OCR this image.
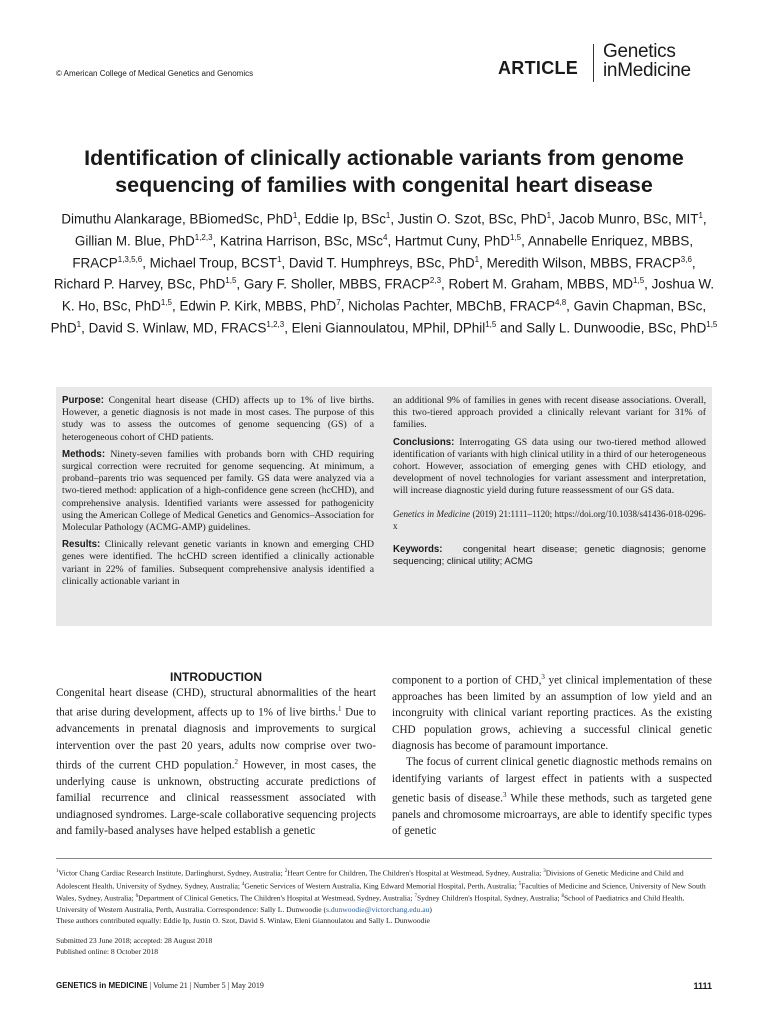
© American College of Medical Genetics and Genomics	ARTICLE
Genetics
inMedicine
Identification of clinically actionable variants from genome sequencing of families with congenital heart disease
Dimuthu Alankarage, BBiomedSc, PhD$^1$, Eddie Ip, BSc$^1$, Justin O. Szot, BSc, PhD$^1$, Jacob Munro, BSc, MIT$^1$, Gillian M. Blue, PhD$^{1,2,3}$, Katrina Harrison, BSc, MSc$^4$, Hartmut Cuny, PhD$^{1,5}$, Annabelle Enriquez, MBBS, FRACP$^{1,3,5,6}$, Michael Troup, BCST$^1$, David T. Humphreys, BSc, PhD$^1$, Meredith Wilson, MBBS, FRACP$^{3,6}$, Richard P. Harvey, BSc, PhD$^{1,5}$, Gary F. Sholler, MBBS, FRACP$^{2,3}$, Robert M. Graham, MBBS, MD$^{1,5}$, Joshua W. K. Ho, BSc, PhD$^{1,5}$, Edwin P. Kirk, MBBS, PhD$^7$, Nicholas Pachter, MBChB, FRACP$^{4,8}$, Gavin Chapman, BSc, PhD$^1$, David S. Winlaw, MD, FRACS$^{1,2,3}$, Eleni Giannoulatou, MPhil, DPhil$^{1,5}$ and Sally L. Dunwoodie, BSc, PhD$^{1,5}$

Purpose: Congenital heart disease (CHD) affects up to 1% of live births. However, a genetic diagnosis is not made in most cases. The purpose of this study was to assess the outcomes of genome sequencing (GS) of a heterogeneous cohort of CHD patients.

Methods: Ninety-seven families with probands born with CHD requiring surgical correction were recruited for genome sequencing. At minimum, a proband–parents trio was sequenced per family. GS data were analyzed via a two-tiered method: application of a high-confidence gene screen (hcCHD), and comprehensive analysis. Identified variants were assessed for pathogenicity using the American College of Medical Genetics and Genomics–Association for Molecular Pathology (ACMG-AMP) guidelines.

Results: Clinically relevant genetic variants in known and emerging CHD genes were identified. The hcCHD screen identified a clinically actionable variant in 22% of families. Subsequent comprehensive analysis identified a clinically actionable variant in

an additional 9% of families in genes with recent disease associations. Overall, this two-tiered approach provided a clinically relevant variant for 31% of families.

Conclusions: Interrogating GS data using our two-tiered method allowed identification of variants with high clinical utility in a third of our heterogeneous cohort. However, association of emerging genes with CHD etiology, and development of novel technologies for variant assessment and interpretation, will increase diagnostic yield during future reassessment of our GS data.

Genetics in Medicine (2019) 21:1111–1120; https://doi.org/10.1038/s41436-018-0296-x

Keywords: congenital heart disease; genetic diagnosis; genome sequencing; clinical utility; ACMG

INTRODUCTION

Congenital heart disease (CHD), structural abnormalities of the heart that arise during development, affects up to 1% of live births.$^1$ Due to advancements in prenatal diagnosis and improvements to surgical intervention over the past 20 years, adults now comprise over two-thirds of the current CHD population.$^2$ However, in most cases, the underlying cause is unknown, obstructing accurate predictions of familial recurrence and clinical reassessment associated with undiagnosed syndromes. Large-scale collaborative sequencing projects and family-based analyses have helped establish a genetic

component to a portion of CHD,$^3$ yet clinical implementation of these approaches has been limited by an assumption of low yield and an incongruity with clinical variant reporting practices. As the existing CHD population grows, achieving a successful clinical genetic diagnosis has become of paramount importance.

The focus of current clinical genetic diagnostic methods remains on identifying variants of largest effect in patients with a suspected genetic basis of disease.$^3$ While these methods, such as targeted gene panels and chromosome microarrays, are able to identify specific types of genetic

$^1$Victor Chang Cardiac Research Institute, Darlinghurst, Sydney, Australia; $^2$Heart Centre for Children, The Children's Hospital at Westmead, Sydney, Australia; $^3$Divisions of Genetic Medicine and Child and Adolescent Health, University of Sydney, Sydney, Australia; $^4$Genetic Services of Western Australia, King Edward Memorial Hospital, Perth, Australia; $^5$Faculties of Medicine and Science, University of New South Wales, Sydney, Australia; $^6$Department of Clinical Genetics, The Children's Hospital at Westmead, Sydney, Australia; $^7$Sydney Children's Hospital, Sydney, Australia; $^8$School of Paediatrics and Child Health, University of Western Australia, Perth, Australia. Correspondence: Sally L. Dunwoodie (s.dunwoodie@victorchang.edu.au)

These authors contributed equally: Eddie Ip, Justin O. Szot, David S. Winlaw, Eleni Giannoulatou and Sally L. Dunwoodie

Submitted 23 June 2018; accepted: 28 August 2018

Published online: 8 October 2018

GENETICS in MEDICINE | Volume 21 | Number 5 | May 2019	1111
